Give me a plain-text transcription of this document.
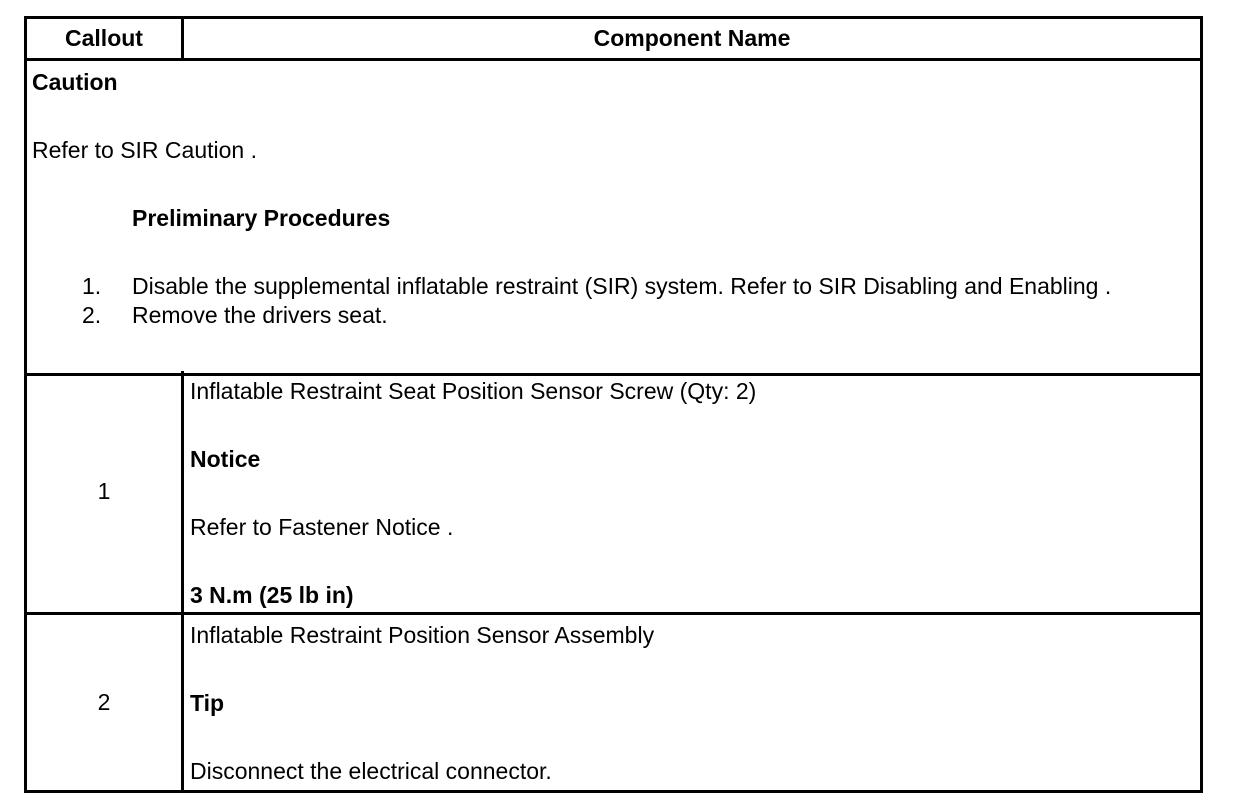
Callout	Component Name
Caution
Refer to SIR Caution .
Preliminary Procedures
1. Disable the supplemental inflatable restraint (SIR) system. Refer to SIR Disabling and Enabling .
2. Remove the drivers seat.
1
Inflatable Restraint Seat Position Sensor Screw (Qty: 2)
Notice
Refer to Fastener Notice .
3 N.m (25 lb in)
2
Inflatable Restraint Position Sensor Assembly
Tip
Disconnect the electrical connector.
